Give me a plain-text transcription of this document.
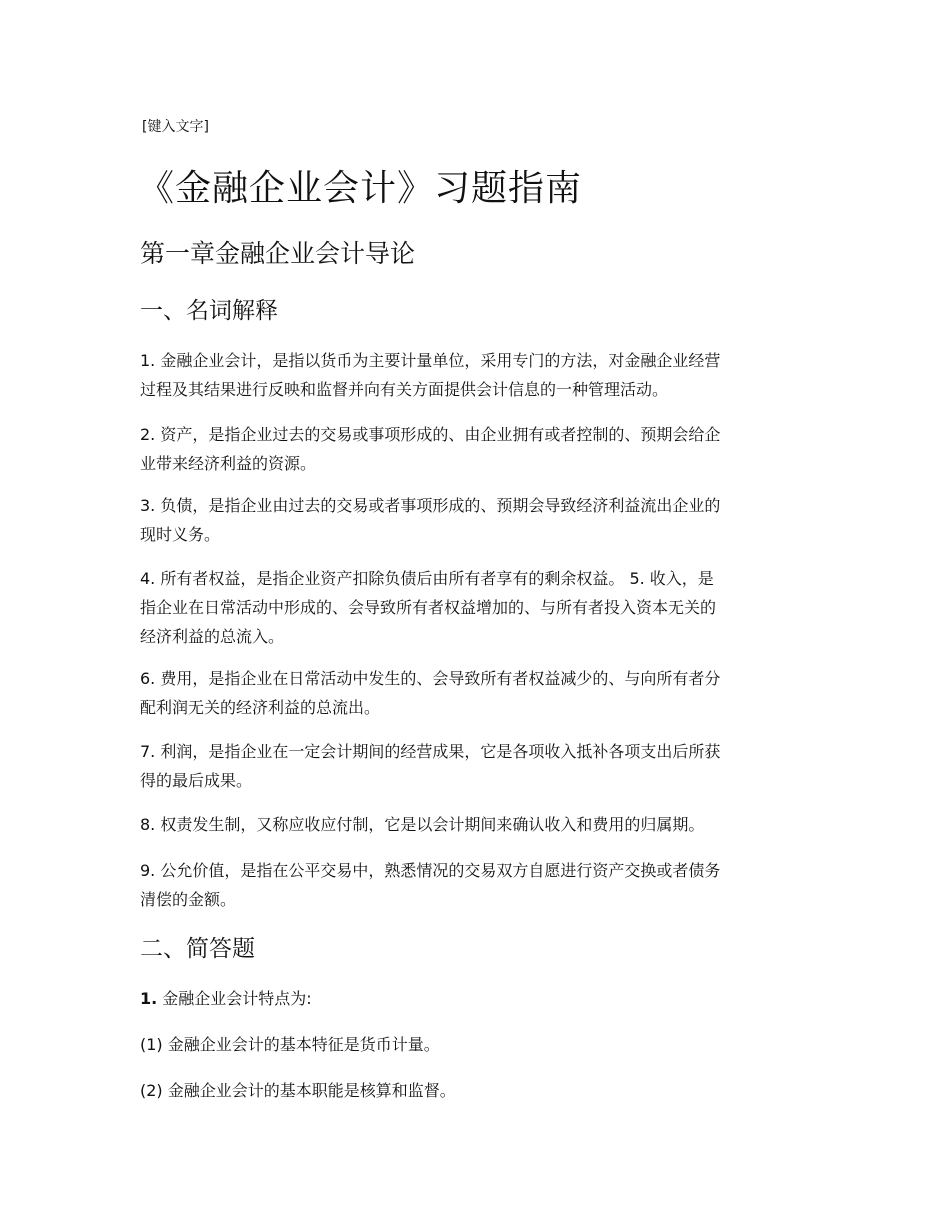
[键入文字]
《金融企业会计》习题指南
第一章金融企业会计导论
一、名词解释

1. 金融企业会计，是指以货币为主要计量单位，采用专门的方法，对金融企业经营
过程及其结果进行反映和监督并向有关方面提供会计信息的一种管理活动。

2. 资产，是指企业过去的交易或事项形成的、由企业拥有或者控制的、预期会给企
业带来经济利益的资源。

3. 负债，是指企业由过去的交易或者事项形成的、预期会导致经济利益流出企业的
现时义务。

4. 所有者权益，是指企业资产扣除负债后由所有者享有的剩余权益。 5. 收入，是
指企业在日常活动中形成的、会导致所有者权益增加的、与所有者投入资本无关的
经济利益的总流入。

6. 费用，是指企业在日常活动中发生的、会导致所有者权益减少的、与向所有者分
配利润无关的经济利益的总流出。

7. 利润，是指企业在一定会计期间的经营成果，它是各项收入抵补各项支出后所获
得的最后成果。

8. 权责发生制，又称应收应付制，它是以会计期间来确认收入和费用的归属期。

9. 公允价值，是指在公平交易中，熟悉情况的交易双方自愿进行资产交换或者债务
清偿的金额。

二、简答题

1. 金融企业会计特点为:

(1) 金融企业会计的基本特征是货币计量。

(2) 金融企业会计的基本职能是核算和监督。
